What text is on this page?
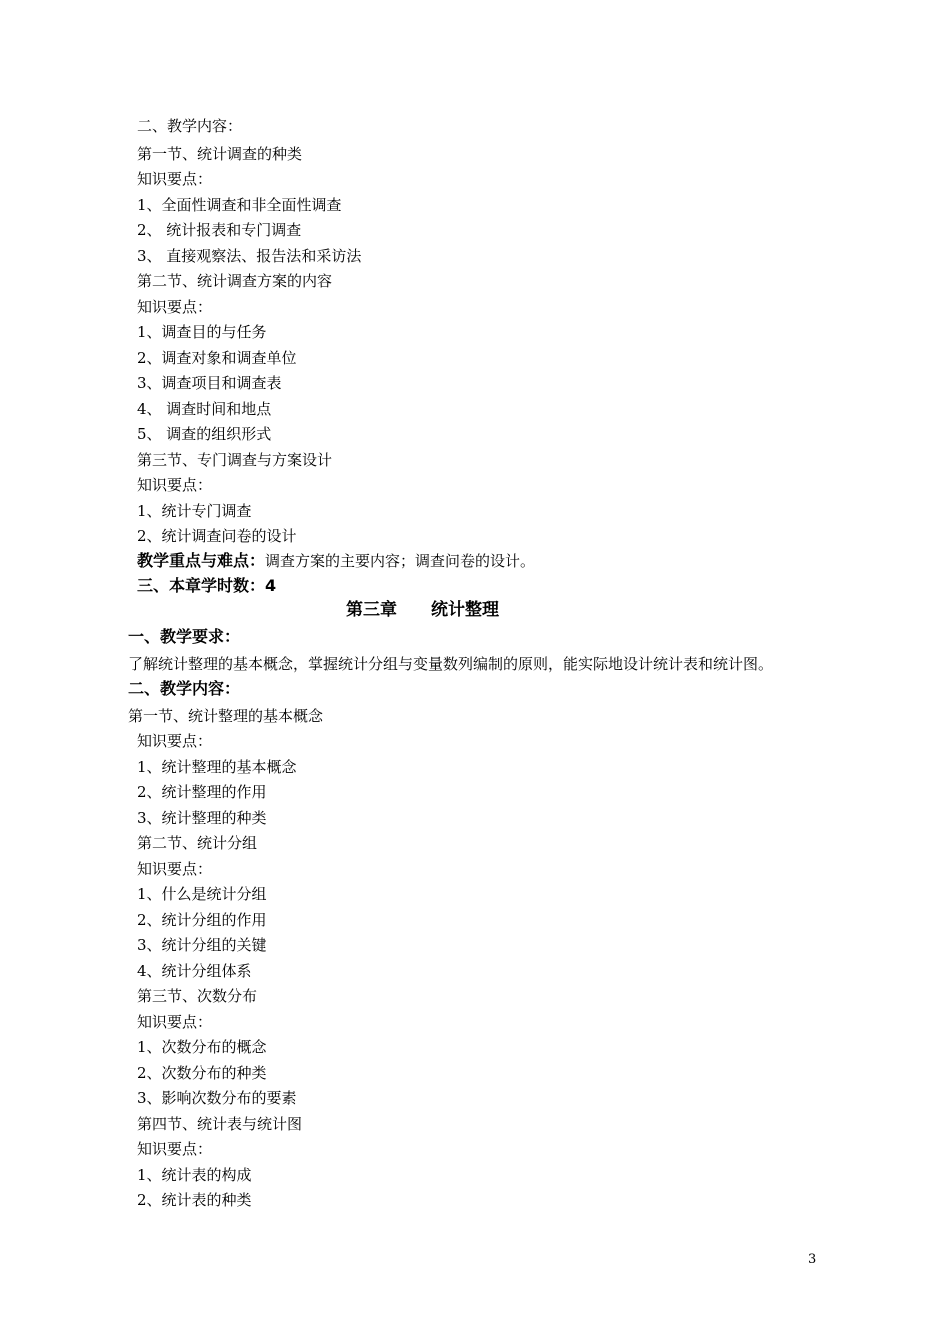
二、教学内容：
第一节、统计调查的种类
知识要点：
1、全面性调查和非全面性调查
2、 统计报表和专门调查
3、 直接观察法、报告法和采访法
第二节、统计调查方案的内容
知识要点：
1、调查目的与任务
2、调查对象和调查单位
3、调查项目和调查表
4、 调查时间和地点
5、 调查的组织形式
第三节、专门调查与方案设计
知识要点：
1、统计专门调查
2、统计调查问卷的设计
教学重点与难点：调查方案的主要内容；调查问卷的设计。
三、本章学时数：4
第三章　　统计整理
一、教学要求：
了解统计整理的基本概念，掌握统计分组与变量数列编制的原则，能实际地设计统计表和统计图。
二、教学内容：
第一节、统计整理的基本概念
知识要点：
1、统计整理的基本概念
2、统计整理的作用
3、统计整理的种类
第二节、统计分组
知识要点：
1、什么是统计分组
2、统计分组的作用
3、统计分组的关键
4、统计分组体系
第三节、次数分布
知识要点：
1、次数分布的概念
2、次数分布的种类
3、影响次数分布的要素
第四节、统计表与统计图
知识要点：
1、统计表的构成
2、统计表的种类
3
